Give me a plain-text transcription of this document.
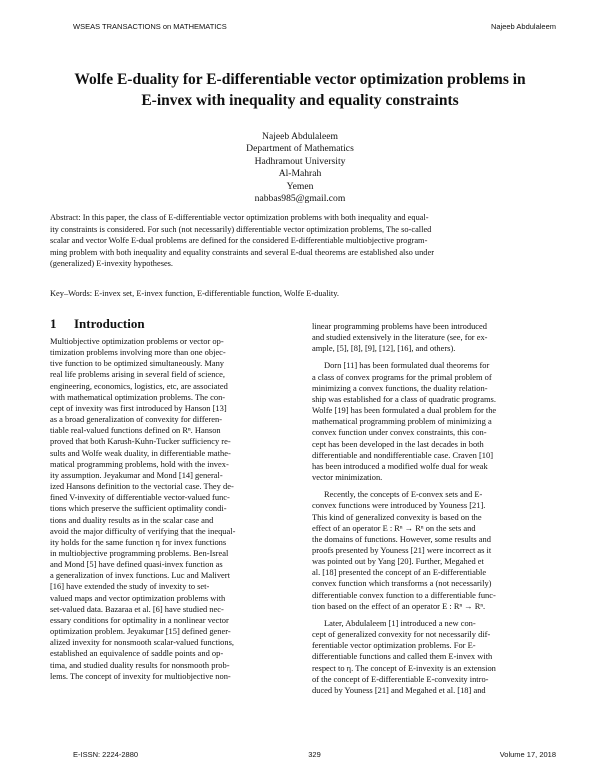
WSEAS TRANSACTIONS on MATHEMATICS	Najeeb Abdulaleem
Wolfe E-duality for E-differentiable vector optimization problems in
E-invex with inequality and equality constraints
Najeeb Abdulaleem
Department of Mathematics
Hadhramout University
Al-Mahrah
Yemen
nabbas985@gmail.com
Abstract: In this paper, the class of E-differentiable vector optimization problems with both inequality and equal-
ity constraints is considered. For such (not necessarily) differentiable vector optimization problems, The so-called
scalar and vector Wolfe E-dual problems are defined for the considered E-differentiable multiobjective program-
ming problem with both inequality and equality constraints and several E-dual theorems are established also under
(generalized) E-invexity hypotheses.
Key–Words: E-invex set, E-invex function, E-differentiable function, Wolfe E-duality.
1 Introduction
Multiobjective optimization problems or vector op-
timization problems involving more than one objec-
tive function to be optimized simultaneously. Many
real life problems arising in several field of science,
engineering, economics, logistics, etc, are associated
with mathematical optimization problems. The con-
cept of invexity was first introduced by Hanson [13]
as a broad generalization of convexity for differen-
tiable real-valued functions defined on Rⁿ. Hanson
proved that both Karush-Kuhn-Tucker sufficiency re-
sults and Wolfe weak duality, in differentiable mathe-
matical programming problems, hold with the invex-
ity assumption. Jeyakumar and Mond [14] general-
ized Hansons definition to the vectorial case. They de-
fined V-invexity of differentiable vector-valued func-
tions which preserve the sufficient optimality condi-
tions and duality results as in the scalar case and
avoid the major difficulty of verifying that the inequal-
ity holds for the same function η for invex functions
in multiobjective programming problems. Ben-Isreal
and Mond [5] have defined quasi-invex function as
a generalization of invex functions. Luc and Malivert
[16] have extended the study of invexity to set-
valued maps and vector optimization problems with
set-valued data. Bazaraa et al. [6] have studied nec-
essary conditions for optimality in a nonlinear vector
optimization problem. Jeyakumar [15] defined gener-
alized invexity for nonsmooth scalar-valued functions,
established an equivalence of saddle points and op-
tima, and studied duality results for nonsmooth prob-
lems. The concept of invexity for multiobjective non-
linear programming problems have been introduced
and studied extensively in the literature (see, for ex-
ample, [5], [8], [9], [12], [16], and others).
Dorn [11] has been formulated dual theorems for
a class of convex programs for the primal problem of
minimizing a convex functions, the duality relation-
ship was established for a class of quadratic programs.
Wolfe [19] has been formulated a dual problem for the
mathematical programming problem of minimizing a
convex function under convex constraints, this con-
cept has been developed in the last decades in both
differentiable and nondifferentiable case. Craven [10]
has been introduced a modified wolfe dual for weak
vector minimization.
Recently, the concepts of E-convex sets and E-
convex functions were introduced by Youness [21].
This kind of generalized convexity is based on the
effect of an operator E : Rⁿ → Rⁿ on the sets and
the domains of functions. However, some results and
proofs presented by Youness [21] were incorrect as it
was pointed out by Yang [20]. Further, Megahed et
al. [18] presented the concept of an E-differentiable
convex function which transforms a (not necessarily)
differentiable convex function to a differentiable func-
tion based on the effect of an operator E : Rⁿ → Rⁿ.
Later, Abdulaleem [1] introduced a new con-
cept of generalized convexity for not necessarily dif-
ferentiable vector optimization problems. For E-
differentiable functions and called them E-invex with
respect to η. The concept of E-invexity is an extension
of the concept of E-differentiable E-convexity intro-
duced by Youness [21] and Megahed et al. [18] and
E-ISSN: 2224-2880	329	Volume 17, 2018
